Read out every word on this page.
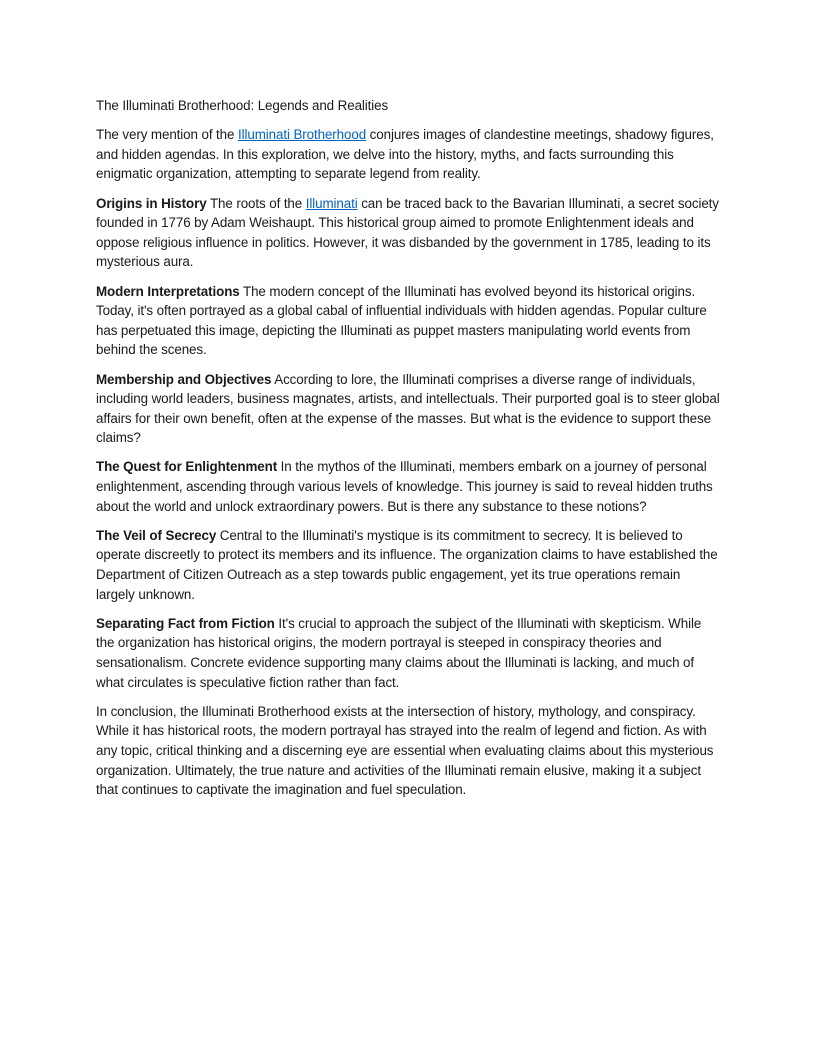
The Illuminati Brotherhood: Legends and Realities

The very mention of the Illuminati Brotherhood conjures images of clandestine meetings, shadowy figures, and hidden agendas. In this exploration, we delve into the history, myths, and facts surrounding this enigmatic organization, attempting to separate legend from reality.

Origins in History The roots of the Illuminati can be traced back to the Bavarian Illuminati, a secret society founded in 1776 by Adam Weishaupt. This historical group aimed to promote Enlightenment ideals and oppose religious influence in politics. However, it was disbanded by the government in 1785, leading to its mysterious aura.

Modern Interpretations The modern concept of the Illuminati has evolved beyond its historical origins. Today, it's often portrayed as a global cabal of influential individuals with hidden agendas. Popular culture has perpetuated this image, depicting the Illuminati as puppet masters manipulating world events from behind the scenes.

Membership and Objectives According to lore, the Illuminati comprises a diverse range of individuals, including world leaders, business magnates, artists, and intellectuals. Their purported goal is to steer global affairs for their own benefit, often at the expense of the masses. But what is the evidence to support these claims?

The Quest for Enlightenment In the mythos of the Illuminati, members embark on a journey of personal enlightenment, ascending through various levels of knowledge. This journey is said to reveal hidden truths about the world and unlock extraordinary powers. But is there any substance to these notions?

The Veil of Secrecy Central to the Illuminati's mystique is its commitment to secrecy. It is believed to operate discreetly to protect its members and its influence. The organization claims to have established the Department of Citizen Outreach as a step towards public engagement, yet its true operations remain largely unknown.

Separating Fact from Fiction It's crucial to approach the subject of the Illuminati with skepticism. While the organization has historical origins, the modern portrayal is steeped in conspiracy theories and sensationalism. Concrete evidence supporting many claims about the Illuminati is lacking, and much of what circulates is speculative fiction rather than fact.

In conclusion, the Illuminati Brotherhood exists at the intersection of history, mythology, and conspiracy. While it has historical roots, the modern portrayal has strayed into the realm of legend and fiction. As with any topic, critical thinking and a discerning eye are essential when evaluating claims about this mysterious organization. Ultimately, the true nature and activities of the Illuminati remain elusive, making it a subject that continues to captivate the imagination and fuel speculation.
